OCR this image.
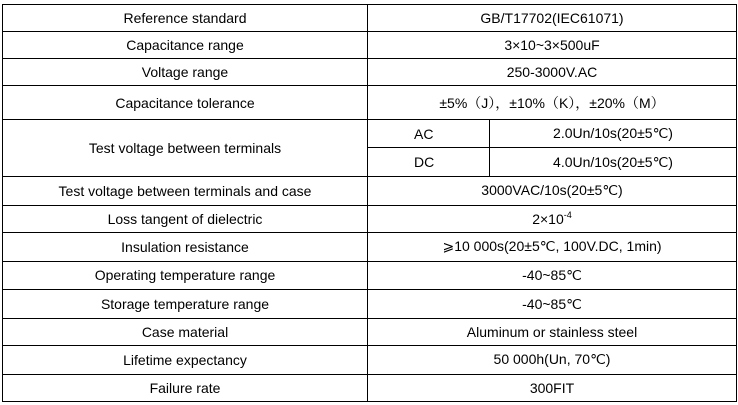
Reference standard	GB/T17702(IEC61071)	
Capacitance range	3×10~3×500uF	
Voltage range	250-3000V.AC	
Capacitance tolerance	±5%（J），±10%（K），±20%（M）	
Test voltage between terminals	AC	2.0Un/10s(20±5℃)
	DC	4.0Un/10s(20±5℃)
Test voltage between terminals and case	3000VAC/10s(20±5℃)	
Loss tangent of dielectric	$2\times 10^{-4}$
Insulation resistance	⩾10 000s(20±5℃, 100V.DC, 1min)	
Operating temperature range	-40~85℃	
Storage temperature range	-40~85℃	
Case material	Aluminum or stainless steel	
Lifetime expectancy	50 000h(Un, 70℃)	
Failure rate	300FIT	
